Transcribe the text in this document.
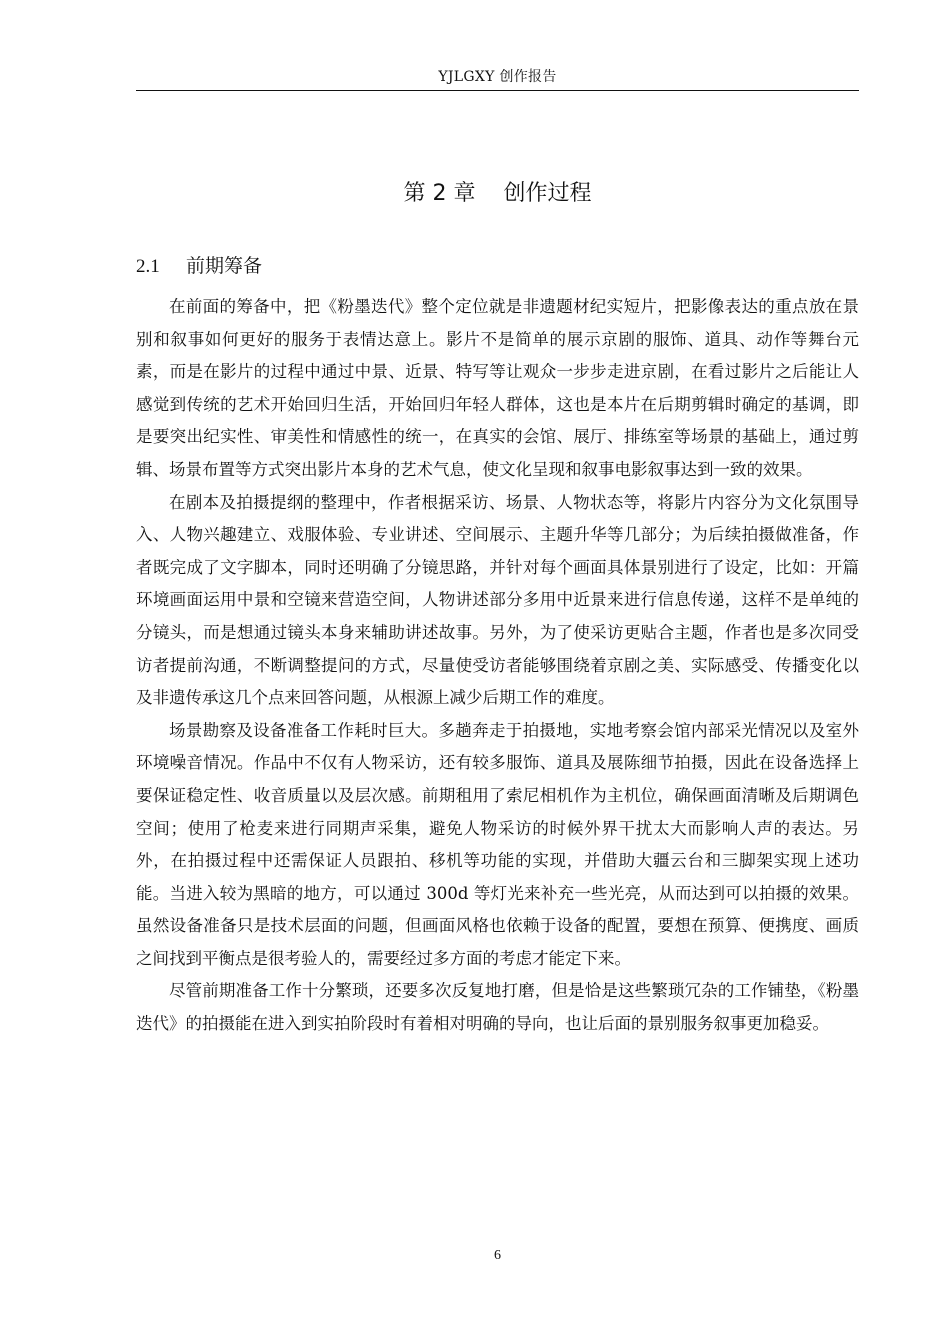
YJLGXY 创作报告
第 2 章    创作过程
2.1 前期筹备

在前面的筹备中，把《粉墨迭代》整个定位就是非遗题材纪实短片，把影像表达的重点放在景别和叙事如何更好的服务于表情达意上。影片不是简单的展示京剧的服饰、道具、动作等舞台元素，而是在影片的过程中通过中景、近景、特写等让观众一步步走进京剧，在看过影片之后能让人感觉到传统的艺术开始回归生活，开始回归年轻人群体，这也是本片在后期剪辑时确定的基调，即是要突出纪实性、审美性和情感性的统一，在真实的会馆、展厅、排练室等场景的基础上，通过剪辑、场景布置等方式突出影片本身的艺术气息，使文化呈现和叙事电影叙事达到一致的效果。

在剧本及拍摄提纲的整理中，作者根据采访、场景、人物状态等，将影片内容分为文化氛围导入、人物兴趣建立、戏服体验、专业讲述、空间展示、主题升华等几部分；为后续拍摄做准备，作者既完成了文字脚本，同时还明确了分镜思路，并针对每个画面具体景别进行了设定，比如：开篇环境画面运用中景和空镜来营造空间，人物讲述部分多用中近景来进行信息传递，这样不是单纯的分镜头，而是想通过镜头本身来辅助讲述故事。另外，为了使采访更贴合主题，作者也是多次同受访者提前沟通，不断调整提问的方式，尽量使受访者能够围绕着京剧之美、实际感受、传播变化以及非遗传承这几个点来回答问题，从根源上减少后期工作的难度。

场景勘察及设备准备工作耗时巨大。多趟奔走于拍摄地，实地考察会馆内部采光情况以及室外环境噪音情况。作品中不仅有人物采访，还有较多服饰、道具及展陈细节拍摄，因此在设备选择上要保证稳定性、收音质量以及层次感。前期租用了索尼相机作为主机位，确保画面清晰及后期调色空间；使用了枪麦来进行同期声采集，避免人物采访的时候外界干扰太大而影响人声的表达。另外，在拍摄过程中还需保证人员跟拍、移机等功能的实现，并借助大疆云台和三脚架实现上述功能。当进入较为黑暗的地方，可以通过 300d 等灯光来补充一些光亮，从而达到可以拍摄的效果。虽然设备准备只是技术层面的问题，但画面风格也依赖于设备的配置，要想在预算、便携度、画质之间找到平衡点是很考验人的，需要经过多方面的考虑才能定下来。

尽管前期准备工作十分繁琐，还要多次反复地打磨，但是恰是这些繁琐冗杂的工作铺垫，《粉墨迭代》的拍摄能在进入到实拍阶段时有着相对明确的导向，也让后面的景别服务叙事更加稳妥。

6
